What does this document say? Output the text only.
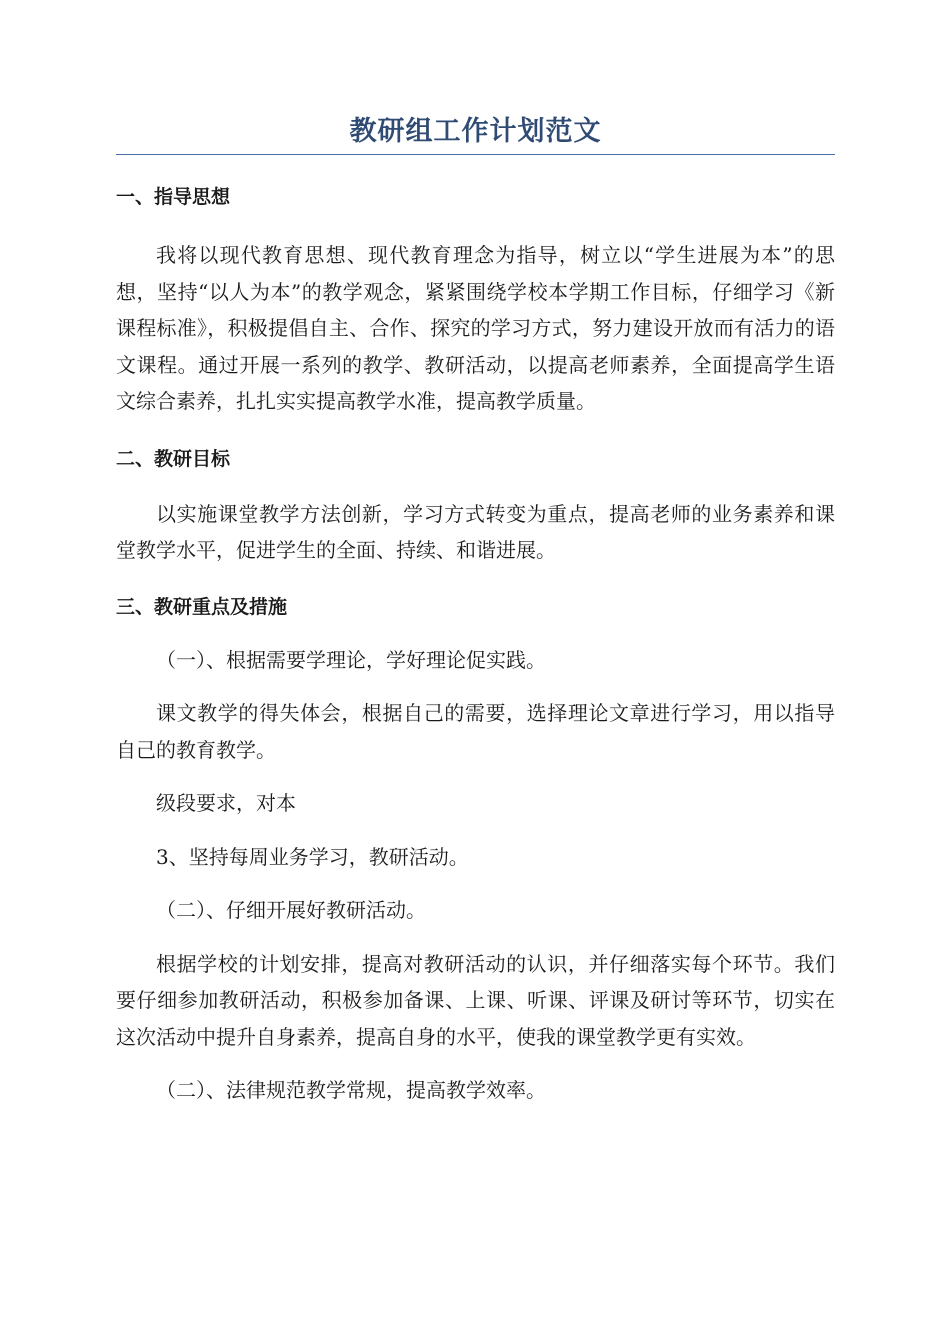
教研组工作计划范文
一、指导思想

我将以现代教育思想、现代教育理念为指导，树立以“学生进展为本”的思想，坚持“以人为本”的教学观念，紧紧围绕学校本学期工作目标，仔细学习《新课程标准》，积极提倡自主、合作、探究的学习方式，努力建设开放而有活力的语文课程。通过开展一系列的教学、教研活动，以提高老师素养，全面提高学生语文综合素养，扎扎实实提高教学水准，提高教学质量。

二、教研目标

以实施课堂教学方法创新，学习方式转变为重点，提高老师的业务素养和课堂教学水平，促进学生的全面、持续、和谐进展。

三、教研重点及措施

（一）、根据需要学理论，学好理论促实践。

课文教学的得失体会，根据自己的需要，选择理论文章进行学习，用以指导自己的教育教学。

级段要求，对本

3、坚持每周业务学习，教研活动。

（二）、仔细开展好教研活动。

根据学校的计划安排，提高对教研活动的认识，并仔细落实每个环节。我们要仔细参加教研活动，积极参加备课、上课、听课、评课及研讨等环节，切实在这次活动中提升自身素养，提高自身的水平，使我的课堂教学更有实效。

（二）、法律规范教学常规，提高教学效率。
